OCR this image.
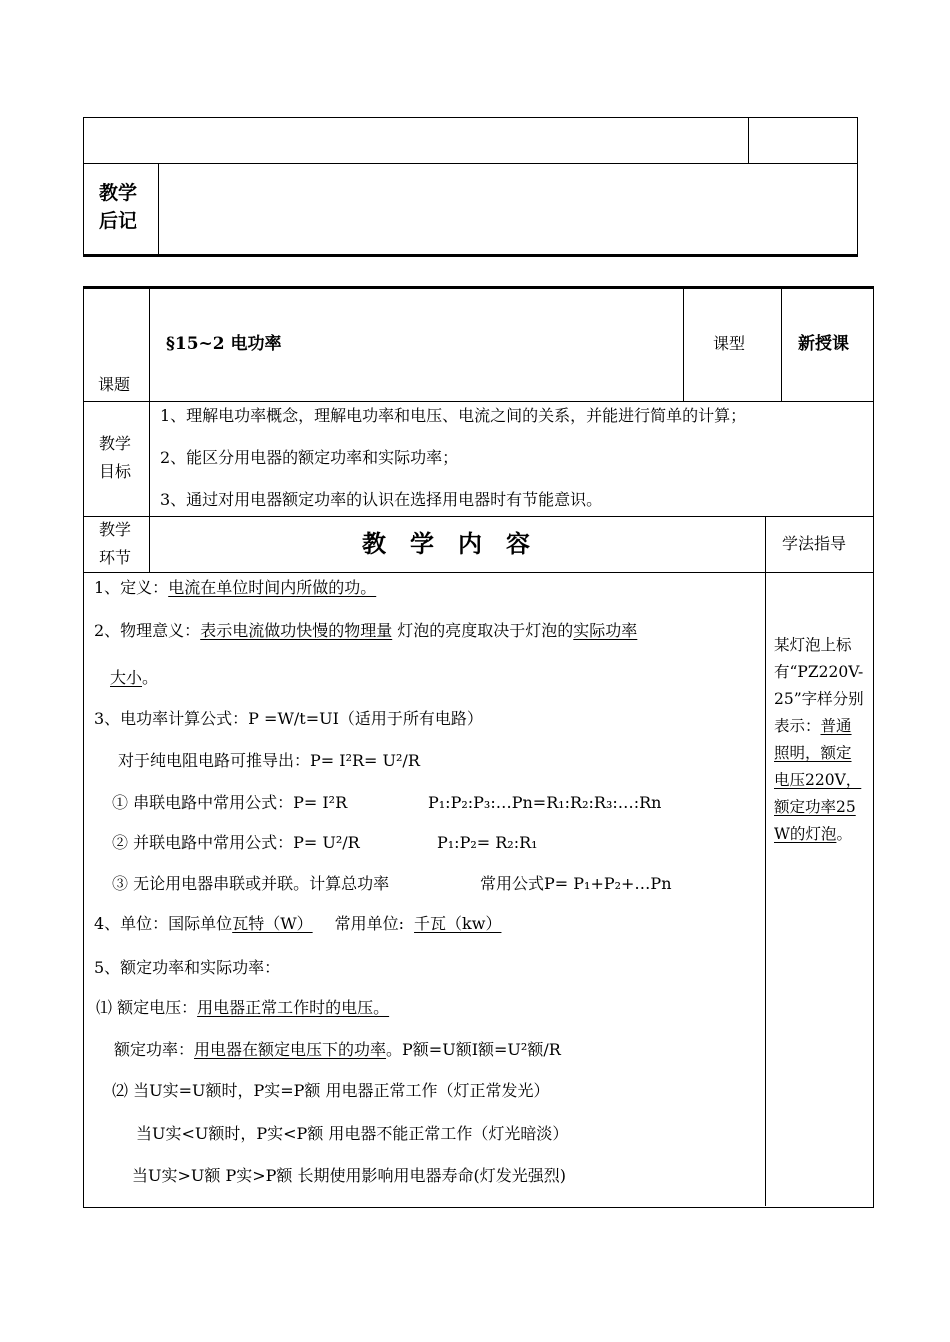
教学
后记
课题
§15~2 电功率	课型	新授课
教学
目标
1、理解电功率概念，理解电功率和电压、电流之间的关系，并能进行简单的计算；
2、能区分用电器的额定功率和实际功率；
3、通过对用电器额定功率的认识在选择用电器时有节能意识。
教学
环节	教　学　内　容	学法指导
1、定义：电流在单位时间内所做的功。
2、物理意义：表示电流做功快慢的物理量 灯泡的亮度取决于灯泡的实际功率
大小。
3、电功率计算公式：P =W/t=UI（适用于所有电路）
对于纯电阻电路可推导出：P= I²R= U²/R
① 串联电路中常用公式：P= I²R	P₁:P₂:P₃:…Pn=R₁:R₂:R₃:…:Rn
② 并联电路中常用公式：P= U²/R	P₁:P₂= R₂:R₁
③ 无论用电器串联或并联。计算总功率	常用公式P= P₁+P₂+…Pn
4、单位：国际单位瓦特（W） 常用单位: 千瓦（kw）
5、额定功率和实际功率：
⑴ 额定电压：用电器正常工作时的电压。
额定功率：用电器在额定电压下的功率。P额=U额I额=U²额/R
⑵ 当U实=U额时，P实=P额 用电器正常工作（灯正常发光）
当U实<U额时，P实<P额 用电器不能正常工作（灯光暗淡）
当U实>U额 P实>P额 长期使用影响用电器寿命(灯发光强烈)
某灯泡上标有“PZ220V-25”字样分别表示：普通照明，额定电压220V，额定功率25W的灯泡。
